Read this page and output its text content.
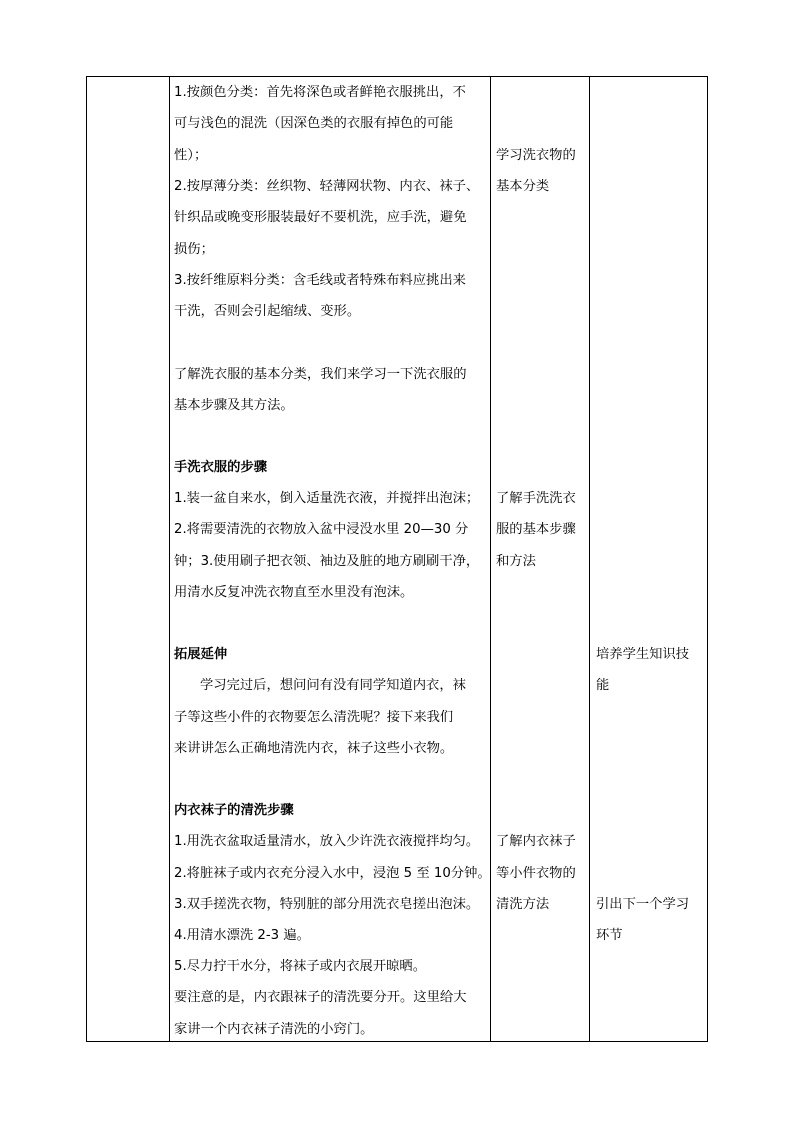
1.按颜色分类：首先将深色或者鲜艳衣服挑出，不
可与浅色的混洗（因深色类的衣服有掉色的可能
性）；
2.按厚薄分类：丝织物、轻薄网状物、内衣、袜子、
针织品或晚变形服装最好不要机洗，应手洗，避免
损伤；
3.按纤维原料分类：含毛线或者特殊布料应挑出来
干洗，否则会引起缩绒、变形。
了解洗衣服的基本分类，我们来学习一下洗衣服的
基本步骤及其方法。
手洗衣服的步骤
1.装一盆自来水，倒入适量洗衣液，并搅拌出泡沫；
2.将需要清洗的衣物放入盆中浸没水里 20—30 分
钟；3.使用刷子把衣领、袖边及脏的地方刷刷干净，
用清水反复冲洗衣物直至水里没有泡沫。
拓展延伸
学习完过后，想问问有没有同学知道内衣，袜
子等这些小件的衣物要怎么清洗呢？接下来我们
来讲讲怎么正确地清洗内衣，袜子这些小衣物。
内衣袜子的清洗步骤
1.用洗衣盆取适量清水，放入少许洗衣液搅拌均匀。
2.将脏袜子或内衣充分浸入水中，浸泡 5 至 10分钟。
3.双手搓洗衣物，特别脏的部分用洗衣皂搓出泡沫。
4.用清水漂洗 2-3 遍。
5.尽力拧干水分，将袜子或内衣展开晾晒。
要注意的是，内衣跟袜子的清洗要分开。这里给大
家讲一个内衣袜子清洗的小窍门。
学习洗衣物的
基本分类
了解手洗洗衣
服的基本步骤
和方法
了解内衣袜子
等小件衣物的
清洗方法
培养学生知识技
能
引出下一个学习
环节
